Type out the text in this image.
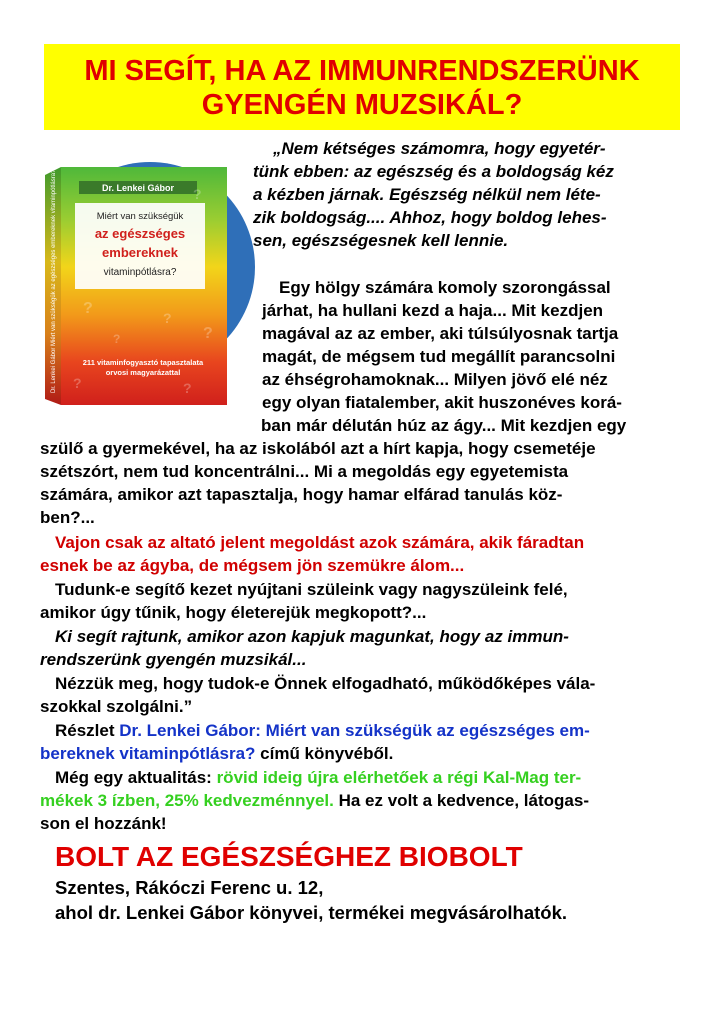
MI SEGÍT, HA AZ IMMUNRENDSZERÜNK
GYENGÉN MUZSIKÁL?
Dr. Lenkei Gábor
Miért van szükségük
az egészséges
embereknek
vitaminpótlásra?
?
?
?
?	?
?	?
211 vitaminfogyasztó tapasztalata
orvosi magyarázattal
Dr. Lenkei Gábor Miért van szükségük az egészséges embereknek vitaminpótlásra?
„Nem kétséges számomra, hogy egyetér-
tünk ebben: az egészség és a boldogság kéz
a kézben járnak. Egészség nélkül nem léte-
zik boldogság.... Ahhoz, hogy boldog lehes-
sen, egészségesnek kell lennie.
Egy hölgy számára komoly szorongással
járhat, ha hullani kezd a haja... Mit kezdjen
magával az az ember, aki túlsúlyosnak tartja
magát, de mégsem tud megállít parancsolni
az éhségrohamoknak... Milyen jövő elé néz
egy olyan fiatalember, akit huszonéves korá-
ban már délután húz az ágy... Mit kezdjen egy
szülő a gyermekével, ha az iskolából azt a hírt kapja, hogy csemetéje
szétszórt, nem tud koncentrálni... Mi a megoldás egy egyetemista
számára, amikor azt tapasztalja, hogy hamar elfárad tanulás köz-
ben?...
Vajon csak az altató jelent megoldást azok számára, akik fáradtan
esnek be az ágyba, de mégsem jön szemükre álom...
Tudunk-e segítő kezet nyújtani szüleink vagy nagyszüleink felé,
amikor úgy tűnik, hogy életerejük megkopott?...
Ki segít rajtunk, amikor azon kapjuk magunkat, hogy az immun-
rendszerünk gyengén muzsikál...
Nézzük meg, hogy tudok-e Önnek elfogadható, működőképes vála-
szokkal szolgálni.”
Részlet Dr. Lenkei Gábor: Miért van szükségük az egészséges em-
bereknek vitaminpótlásra? című könyvéből.
Még egy aktualitás: rövid ideig újra elérhetőek a régi Kal-Mag ter-
mékek 3 ízben, 25% kedvezménnyel. Ha ez volt a kedvence, látogas-
son el hozzánk!
BOLT AZ EGÉSZSÉGHEZ BIOBOLT
Szentes, Rákóczi Ferenc u. 12,
ahol dr. Lenkei Gábor könyvei, termékei megvásárolhatók.
